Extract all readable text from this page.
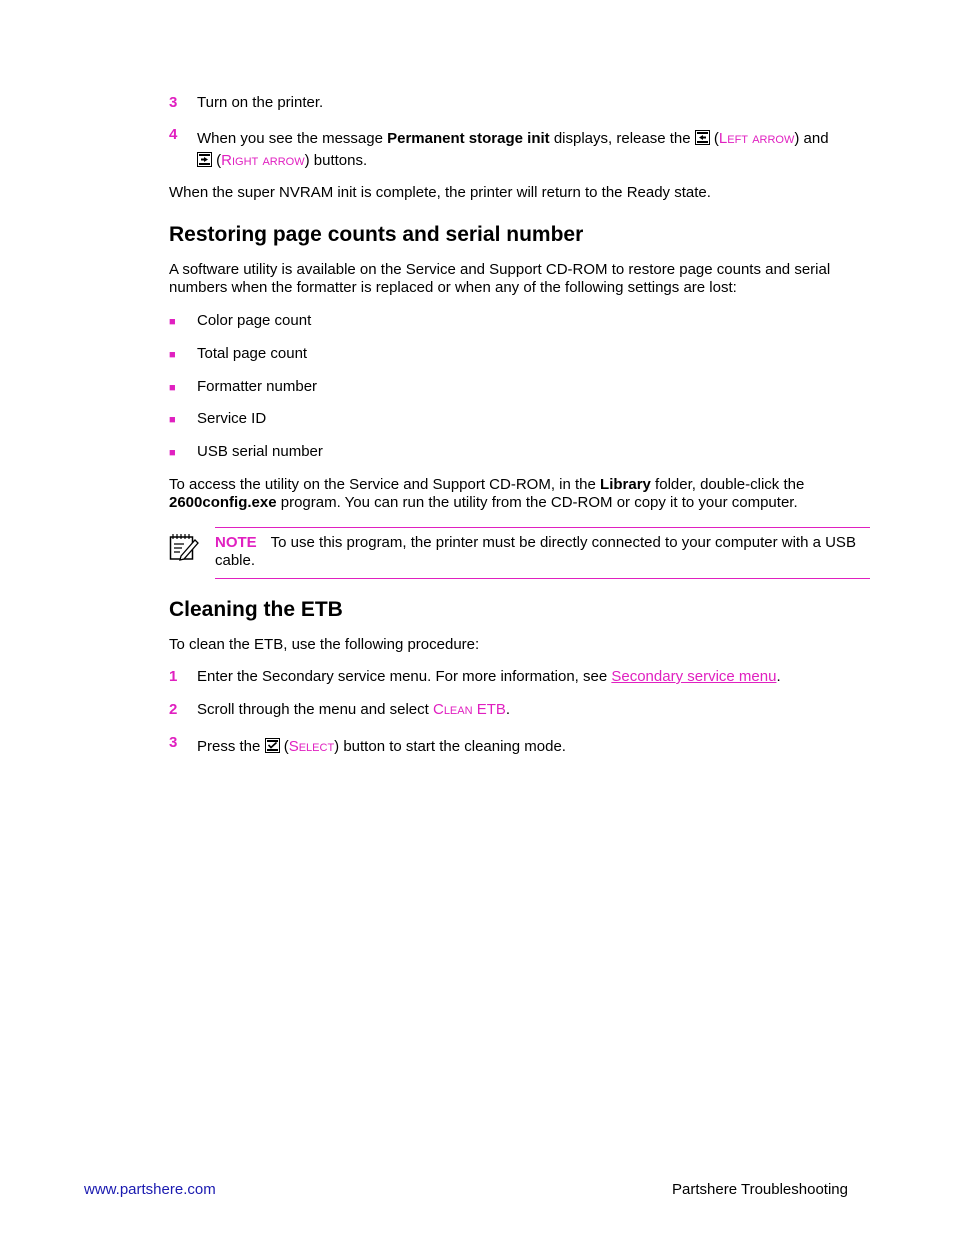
3 Turn on the printer.
4 When you see the message Permanent storage init displays, release the  (Left arrow) and
(Right arrow) buttons.
When the super NVRAM init is complete, the printer will return to the Ready state.
Restoring page counts and serial number
A software utility is available on the Service and Support CD-ROM to restore page counts and serial numbers when the formatter is replaced or when any of the following settings are lost:
■ Color page count
■ Total page count
■ Formatter number
■ Service ID
■ USB serial number
To access the utility on the Service and Support CD-ROM, in the Library folder, double-click the
2600config.exe program. You can run the utility from the CD-ROM or copy it to your computer.
NOTE To use this program, the printer must be directly connected to your computer with a USB cable.
Cleaning the ETB
To clean the ETB, use the following procedure:
1 Enter the Secondary service menu. For more information, see Secondary service menu.
2 Scroll through the menu and select Clean ETB.
3 Press the  (Select) button to start the cleaning mode.
www.partshere.com	Partshere Troubleshooting
